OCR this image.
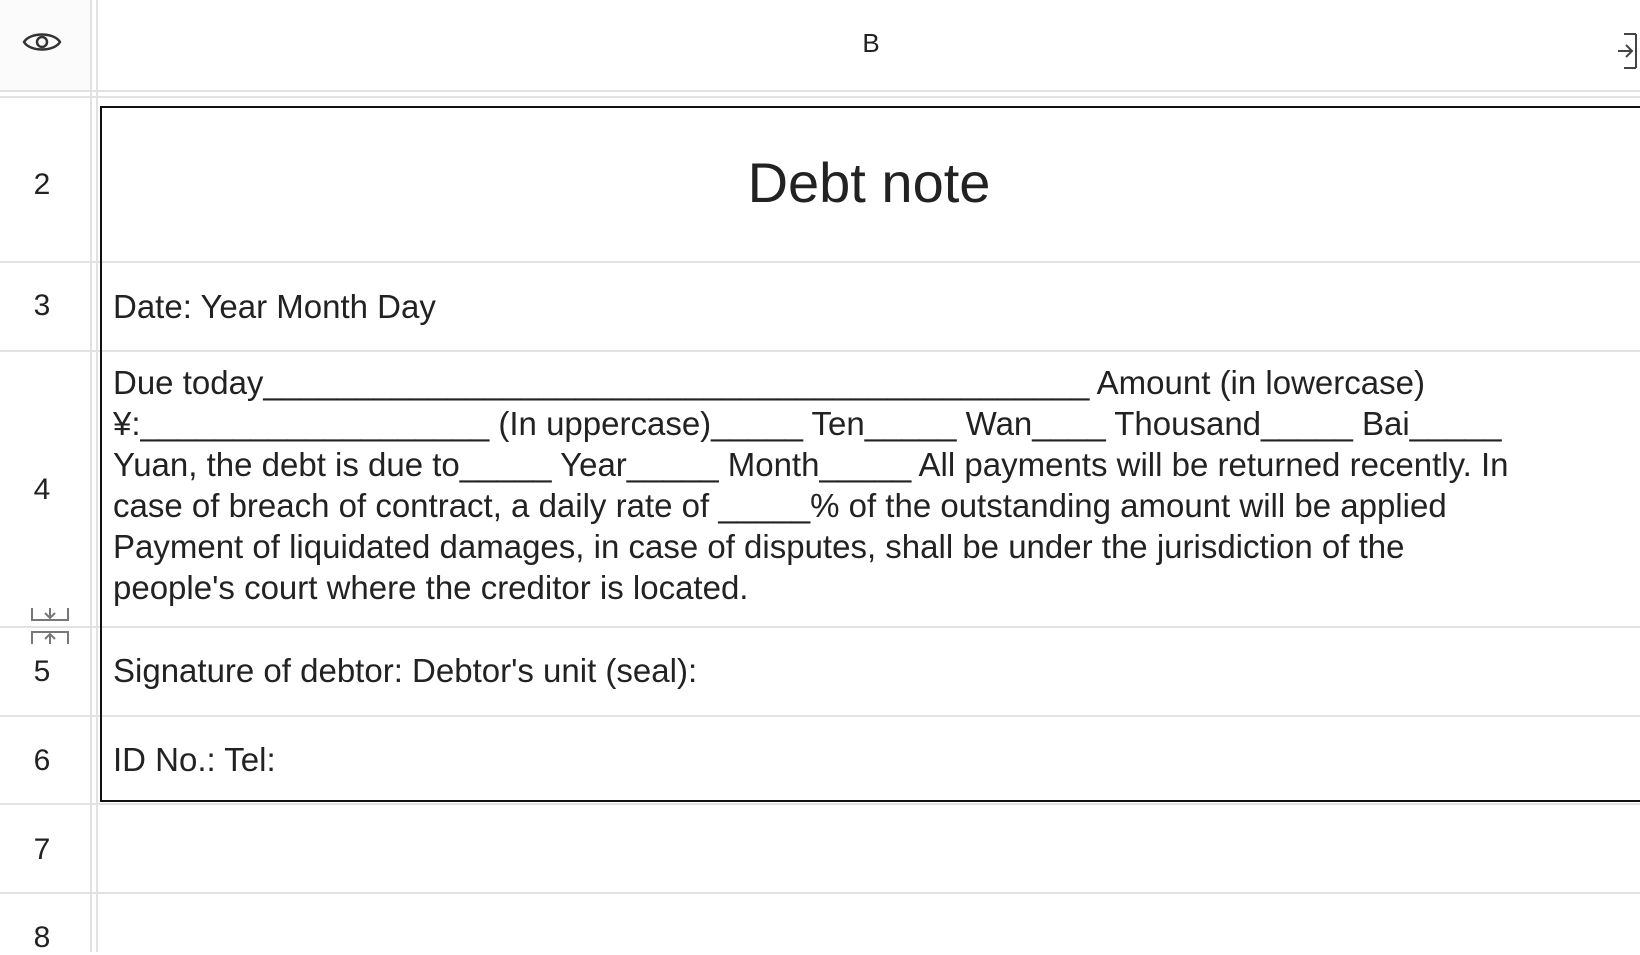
B
2
3
4
5
6
7
8
Debt note
Date: Year Month Day
Due today_____________________________________________ Amount (in lowercase)
¥:___________________ (In uppercase)_____ Ten_____ Wan____ Thousand_____ Bai_____
Yuan, the debt is due to_____ Year_____ Month_____ All payments will be returned recently. In
case of breach of contract, a daily rate of _____% of the outstanding amount will be applied
Payment of liquidated damages, in case of disputes, shall be under the jurisdiction of the
people's court where the creditor is located.
Signature of debtor: Debtor's unit (seal):
ID No.: Tel:
